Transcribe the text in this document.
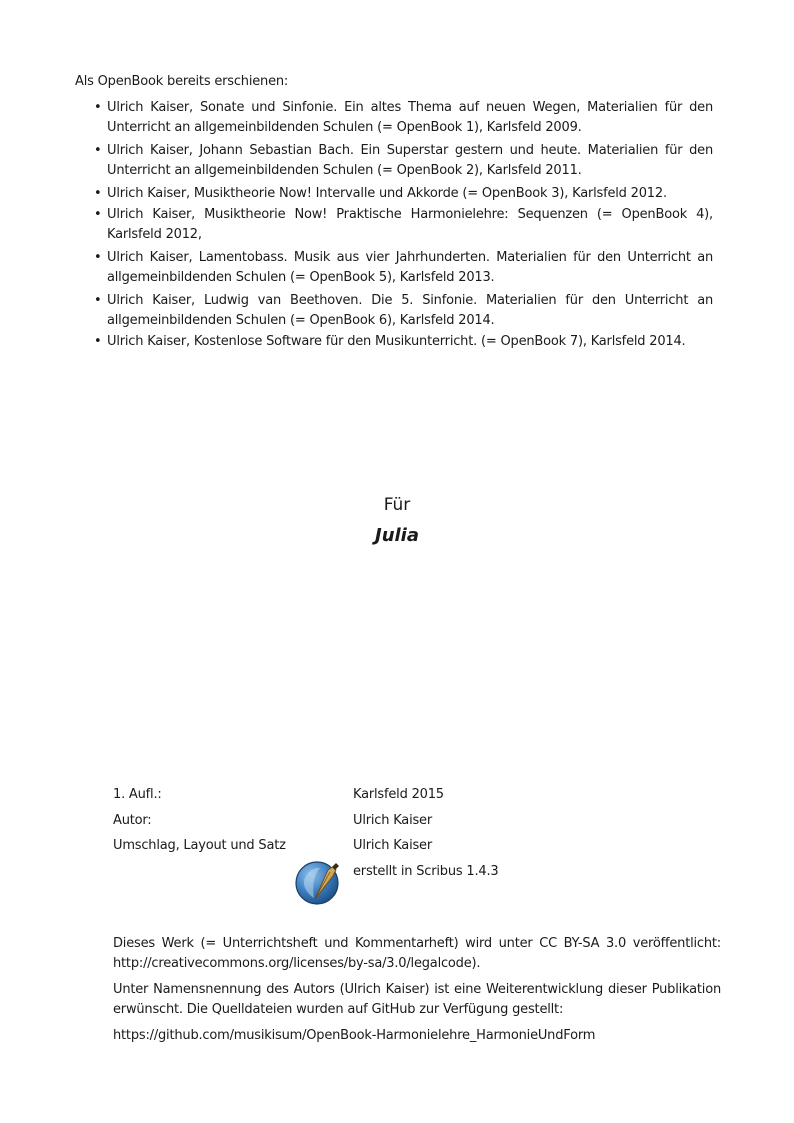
Als OpenBook bereits erschienen:
• Ulrich Kaiser, Sonate und Sinfonie. Ein altes Thema auf neuen Wegen, Materialien für den Unterricht an allgemeinbildenden Schulen (= OpenBook 1), Karlsfeld 2009.
• Ulrich Kaiser, Johann Sebastian Bach. Ein Superstar gestern und heute. Materialien für den Unterricht an allgemeinbildenden Schulen (= OpenBook 2), Karlsfeld 2011.
• Ulrich Kaiser, Musiktheorie Now! Intervalle und Akkorde (= OpenBook 3), Karlsfeld 2012.
• Ulrich Kaiser, Musiktheorie Now! Praktische Harmonielehre: Sequenzen (= OpenBook 4), Karlsfeld 2012,
• Ulrich Kaiser, Lamentobass. Musik aus vier Jahrhunderten. Materialien für den Unterricht an allgemeinbildenden Schulen (= OpenBook 5), Karlsfeld 2013.
• Ulrich Kaiser, Ludwig van Beethoven. Die 5. Sinfonie. Materialien für den Unterricht an allgemeinbildenden Schulen (= OpenBook 6), Karlsfeld 2014.
• Ulrich Kaiser, Kostenlose Software für den Musikunterricht. (= OpenBook 7), Karlsfeld 2014.
Für
Julia
1. Aufl.:	Karlsfeld 2015
Autor:	Ulrich Kaiser
Umschlag, Layout und Satz	Ulrich Kaiser
erstellt in Scribus 1.4.3

Dieses Werk (= Unterrichtsheft und Kommentarheft) wird unter CC BY-SA 3.0 veröffentlicht: http://creativecommons.org/licenses/by-sa/3.0/legalcode).

Unter Namensnennung des Autors (Ulrich Kaiser) ist eine Weiterentwicklung dieser Publikation erwünscht. Die Quelldateien wurden auf GitHub zur Verfügung gestellt:

https://github.com/musikisum/OpenBook-Harmonielehre_HarmonieUndForm
